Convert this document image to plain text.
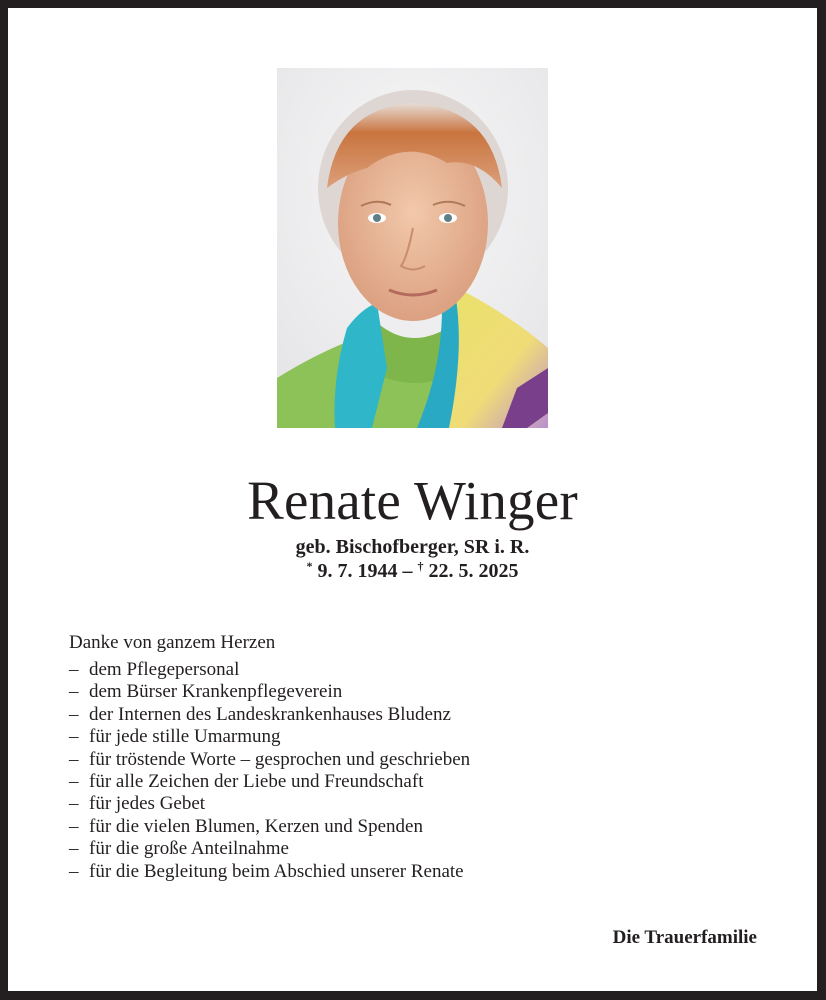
Renate Winger
geb. Bischofberger, SR i. R.
* 9. 7. 1944 – † 22. 5. 2025
Danke von ganzem Herzen
– dem Pflegepersonal
– dem Bürser Krankenpflegeverein
– der Internen des Landeskrankenhauses Bludenz
– für jede stille Umarmung
– für tröstende Worte – gesprochen und geschrieben
– für alle Zeichen der Liebe und Freundschaft
– für jedes Gebet
– für die vielen Blumen, Kerzen und Spenden
– für die große Anteilnahme
– für die Begleitung beim Abschied unserer Renate
Die Trauerfamilie
